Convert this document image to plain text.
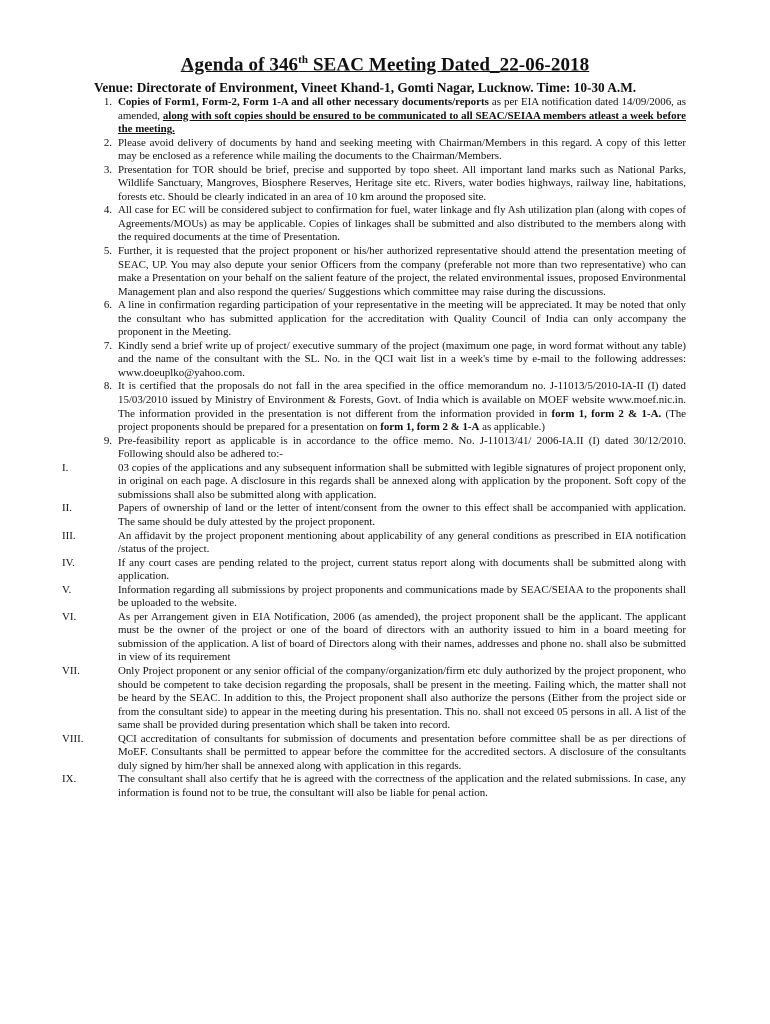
Agenda of 346th SEAC Meeting Dated_22-06-2018
Venue: Directorate of Environment, Vineet Khand-1, Gomti Nagar, Lucknow. Time: 10-30 A.M.

1. Copies of Form1, Form-2, Form 1-A and all other necessary documents/reports as per EIA notification dated 14/09/2006, as amended, along with soft copies should be ensured to be communicated to all SEAC/SEIAA members atleast a week before the meeting.

2. Please avoid delivery of documents by hand and seeking meeting with Chairman/Members in this regard. A copy of this letter may be enclosed as a reference while mailing the documents to the Chairman/Members.

3. Presentation for TOR should be brief, precise and supported by topo sheet. All important land marks such as National Parks, Wildlife Sanctuary, Mangroves, Biosphere Reserves, Heritage site etc. Rivers, water bodies highways, railway line, habitations, forests etc. Should be clearly indicated in an area of 10 km around the proposed site.

4. All case for EC will be considered subject to confirmation for fuel, water linkage and fly Ash utilization plan (along with copes of Agreements/MOUs) as may be applicable. Copies of linkages shall be submitted and also distributed to the members along with the required documents at the time of Presentation.

5. Further, it is requested that the project proponent or his/her authorized representative should attend the presentation meeting of SEAC, UP. You may also depute your senior Officers from the company (preferable not more than two representative) who can make a Presentation on your behalf on the salient feature of the project, the related environmental issues, proposed Environmental Management plan and also respond the queries/ Suggestions which committee may raise during the discussions.

6. A line in confirmation regarding participation of your representative in the meeting will be appreciated. It may be noted that only the consultant who has submitted application for the accreditation with Quality Council of India can only accompany the proponent in the Meeting.

7. Kindly send a brief write up of project/ executive summary of the project (maximum one page, in word format without any table) and the name of the consultant with the SL. No. in the QCI wait list in a week's time by e-mail to the following addresses: www.doeuplko@yahoo.com.

8. It is certified that the proposals do not fall in the area specified in the office memorandum no. J-11013/5/2010-IA-II (I) dated 15/03/2010 issued by Ministry of Environment & Forests, Govt. of India which is available on MOEF website www.moef.nic.in. The information provided in the presentation is not different from the information provided in form 1, form 2 & 1-A. (The project proponents should be prepared for a presentation on form 1, form 2 & 1-A as applicable.)

9. Pre-feasibility report as applicable is in accordance to the office memo. No. J-11013/41/ 2006-IA.II (I) dated 30/12/2010. Following should also be adhered to:-

I.	03 copies of the applications and any subsequent information shall be submitted with legible signatures of project proponent only, in original on each page. A disclosure in this regards shall be annexed along with application by the proponent. Soft copy of the submissions shall also be submitted along with application.

II.	Papers of ownership of land or the letter of intent/consent from the owner to this effect shall be accompanied with application. The same should be duly attested by the project proponent.

III.	An affidavit by the project proponent mentioning about applicability of any general conditions as prescribed in EIA notification /status of the project.

IV.	If any court cases are pending related to the project, current status report along with documents shall be submitted along with application.

V.	Information regarding all submissions by project proponents and communications made by SEAC/SEIAA to the proponents shall be uploaded to the website.

VI.	As per Arrangement given in EIA Notification, 2006 (as amended), the project proponent shall be the applicant. The applicant must be the owner of the project or one of the board of directors with an authority issued to him in a board meeting for submission of the application. A list of board of Directors along with their names, addresses and phone no. shall also be submitted in view of its requirement

VII.	Only Project proponent or any senior official of the company/organization/firm etc duly authorized by the project proponent, who should be competent to take decision regarding the proposals, shall be present in the meeting. Failing which, the matter shall not be heard by the SEAC. In addition to this, the Project proponent shall also authorize the persons (Either from the project side or from the consultant side) to appear in the meeting during his presentation. This no. shall not exceed 05 persons in all. A list of the same shall be provided during presentation which shall be taken into record.

VIII.	QCI accreditation of consultants for submission of documents and presentation before committee shall be as per directions of MoEF. Consultants shall be permitted to appear before the committee for the accredited sectors. A disclosure of the consultants duly signed by him/her shall be annexed along with application in this regards.

IX.	The consultant shall also certify that he is agreed with the correctness of the application and the related submissions. In case, any information is found not to be true, the consultant will also be liable for penal action.
